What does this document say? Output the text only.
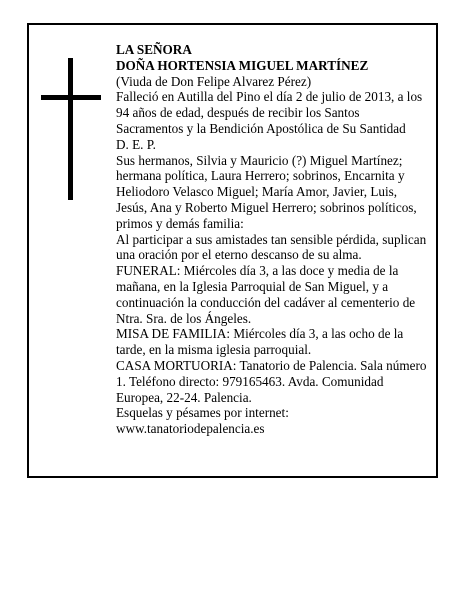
LA SEÑORA

DOÑA HORTENSIA MIGUEL MARTÍNEZ

(Viuda de Don Felipe Alvarez Pérez)

Falleció en Autilla del Pino el día 2 de julio de 2013, a los 94 años de edad, después de recibir los Santos Sacramentos y la Bendición Apostólica de Su Santidad

D. E. P.

Sus hermanos, Silvia y Mauricio (?) Miguel Martínez; hermana política, Laura Herrero; sobrinos, Encarnita y Heliodoro Velasco Miguel; María Amor, Javier, Luis, Jesús, Ana y Roberto Miguel Herrero; sobrinos políticos, primos y demás familia:

Al participar a sus amistades tan sensible pérdida, suplican una oración por el eterno descanso de su alma.

FUNERAL: Miércoles día 3, a las doce y media de la mañana, en la Iglesia Parroquial de San Miguel, y a continuación la conducción del cadáver al cementerio de Ntra. Sra. de los Ángeles.

MISA DE FAMILIA: Miércoles día 3, a las ocho de la tarde, en la misma iglesia parroquial.

CASA MORTUORIA: Tanatorio de Palencia. Sala número 1. Teléfono directo: 979165463. Avda. Comunidad Europea, 22-24. Palencia.

Esquelas y pésames por internet:

www.tanatoriodepalencia.es
